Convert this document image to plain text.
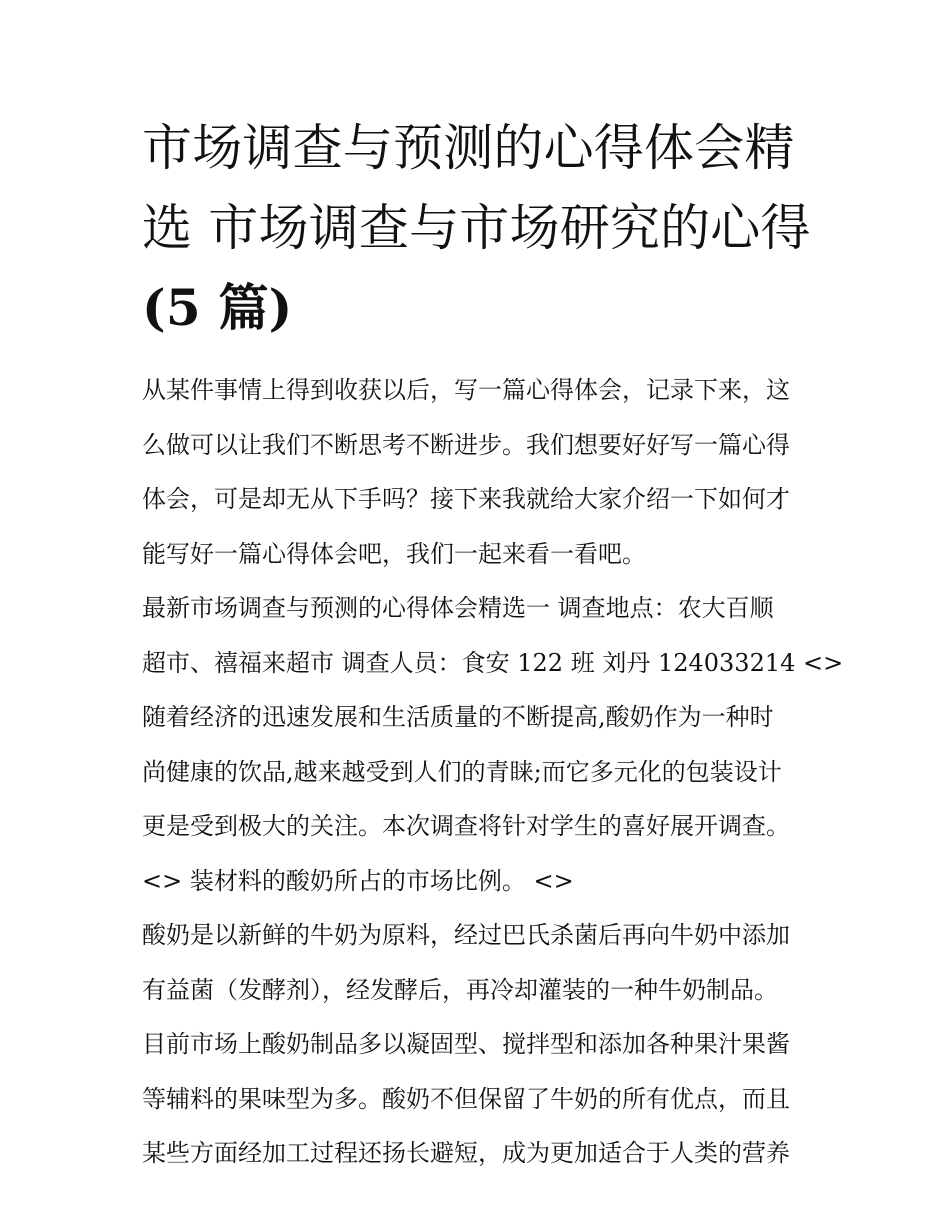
市场调查与预测的心得体会精
选 市场调查与市场研究的心得
(5 篇)

从某件事情上得到收获以后，写一篇心得体会，记录下来，这
么做可以让我们不断思考不断进步。我们想要好好写一篇心得
体会，可是却无从下手吗？接下来我就给大家介绍一下如何才
能写好一篇心得体会吧，我们一起来看一看吧。

最新市场调查与预测的心得体会精选一 调查地点：农大百顺
超市、禧福来超市 调查人员：食安 122 班 刘丹 124033214 <>
随着经济的迅速发展和生活质量的不断提高,酸奶作为一种时
尚健康的饮品,越来越受到人们的青睐;而它多元化的包装设计
更是受到极大的关注。本次调查将针对学生的喜好展开调查。
<> 装材料的酸奶所占的市场比例。 <>

酸奶是以新鲜的牛奶为原料，经过巴氏杀菌后再向牛奶中添加
有益菌（发酵剂），经发酵后，再冷却灌装的一种牛奶制品。
目前市场上酸奶制品多以凝固型、搅拌型和添加各种果汁果酱
等辅料的果味型为多。酸奶不但保留了牛奶的所有优点，而且
某些方面经加工过程还扬长避短，成为更加适合于人类的营养
